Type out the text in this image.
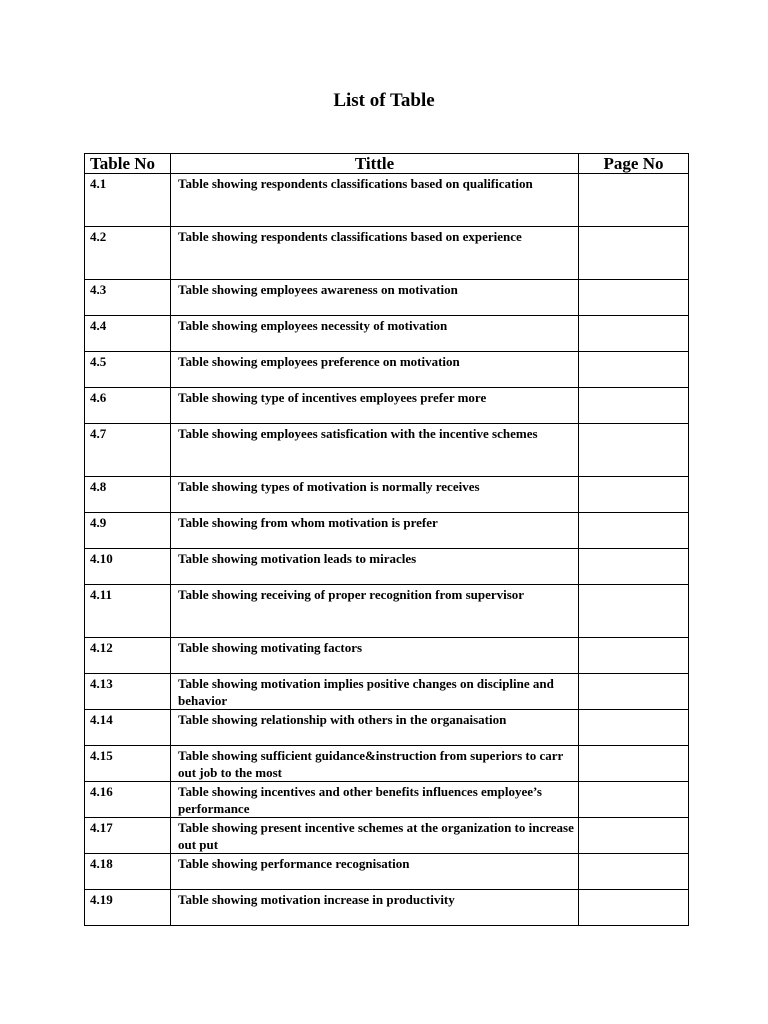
List of Table
Table No	Tittle	Page No
4.1	Table showing respondents classifications based on qualification	
4.2	Table showing respondents classifications based on experience	
4.3	Table showing employees awareness on motivation	
4.4	Table showing employees necessity of motivation	
4.5	Table showing employees preference on motivation	
4.6	Table showing type of incentives employees prefer more	
4.7	Table showing employees satisfication with the incentive schemes	
4.8	Table showing types of motivation is normally receives	
4.9	Table showing from whom motivation is prefer	
4.10	Table showing motivation leads to miracles	
4.11	Table showing receiving of proper recognition from supervisor	
4.12	Table showing motivating factors	
4.13	Table showing motivation implies positive changes on discipline and behavior	
4.14	Table showing relationship with others in the organaisation	
4.15	Table showing sufficient guidance&instruction from superiors to carr out job to the most	
4.16	Table showing incentives and other benefits influences employee’s performance	
4.17	Table showing present incentive schemes at the organization to increase out put	
4.18	Table showing performance recognisation	
4.19	Table showing motivation increase in productivity	
